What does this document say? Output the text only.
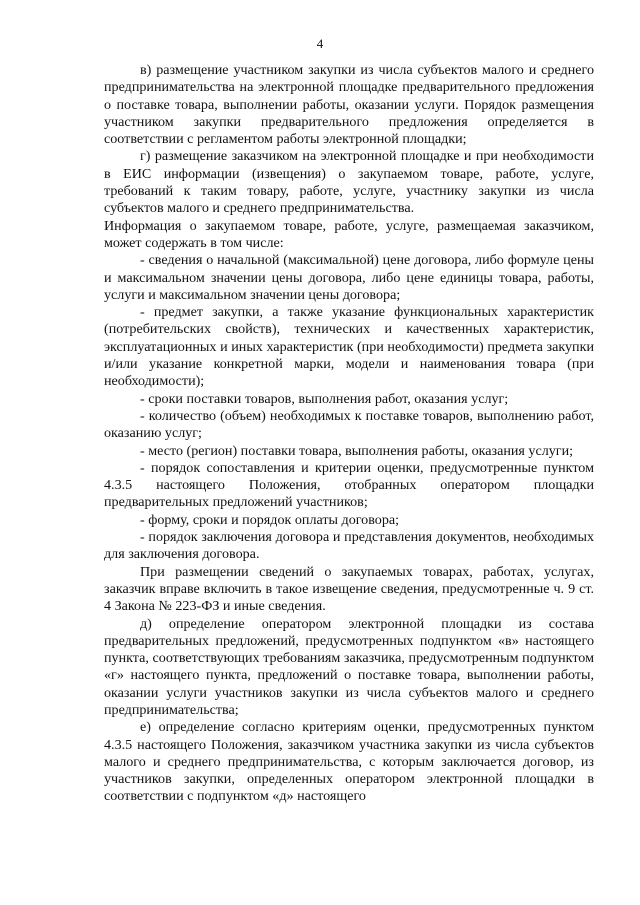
4

в) размещение участником закупки из числа субъектов малого и среднего предпринимательства на электронной площадке предварительного предложения о поставке товара, выполнении работы, оказании услуги. Порядок размещения участником закупки предварительного предложения определяется в соответствии с регламентом работы электронной площадки;

г) размещение заказчиком на электронной площадке и при необходимости в ЕИС информации (извещения) о закупаемом товаре, работе, услуге, требований к таким товару, работе, услуге, участнику закупки из числа субъектов малого и среднего предпринимательства.

Информация о закупаемом товаре, работе, услуге, размещаемая заказчиком, может содержать в том числе:

- сведения о начальной (максимальной) цене договора, либо формуле цены и максимальном значении цены договора, либо цене единицы товара, работы, услуги и максимальном значении цены договора;

- предмет закупки, а также указание функциональных характеристик (потребительских свойств), технических и качественных характеристик, эксплуатационных и иных характеристик (при необходимости) предмета закупки и/или указание конкретной марки, модели и наименования товара (при необходимости);

- сроки поставки товаров, выполнения работ, оказания услуг;

- количество (объем) необходимых к поставке товаров, выполнению работ, оказанию услуг;

- место (регион) поставки товара, выполнения работы, оказания услуги;

- порядок сопоставления и критерии оценки, предусмотренные пунктом 4.3.5 настоящего Положения, отобранных оператором площадки предварительных предложений участников;

- форму, сроки и порядок оплаты договора;

- порядок заключения договора и представления документов, необходимых для заключения договора.

При размещении сведений о закупаемых товарах, работах, услугах, заказчик вправе включить в такое извещение сведения, предусмотренные ч. 9 ст. 4 Закона № 223-ФЗ и иные сведения.

д) определение оператором электронной площадки из состава предварительных предложений, предусмотренных подпунктом «в» настоящего пункта, соответствующих требованиям заказчика, предусмотренным подпунктом «г» настоящего пункта, предложений о поставке товара, выполнении работы, оказании услуги участников закупки из числа субъектов малого и среднего предпринимательства;

е) определение согласно критериям оценки, предусмотренных пунктом 4.3.5 настоящего Положения, заказчиком участника закупки из числа субъектов малого и среднего предпринимательства, с которым заключается договор, из участников закупки, определенных оператором электронной площадки в соответствии с подпунктом «д» настоящего
